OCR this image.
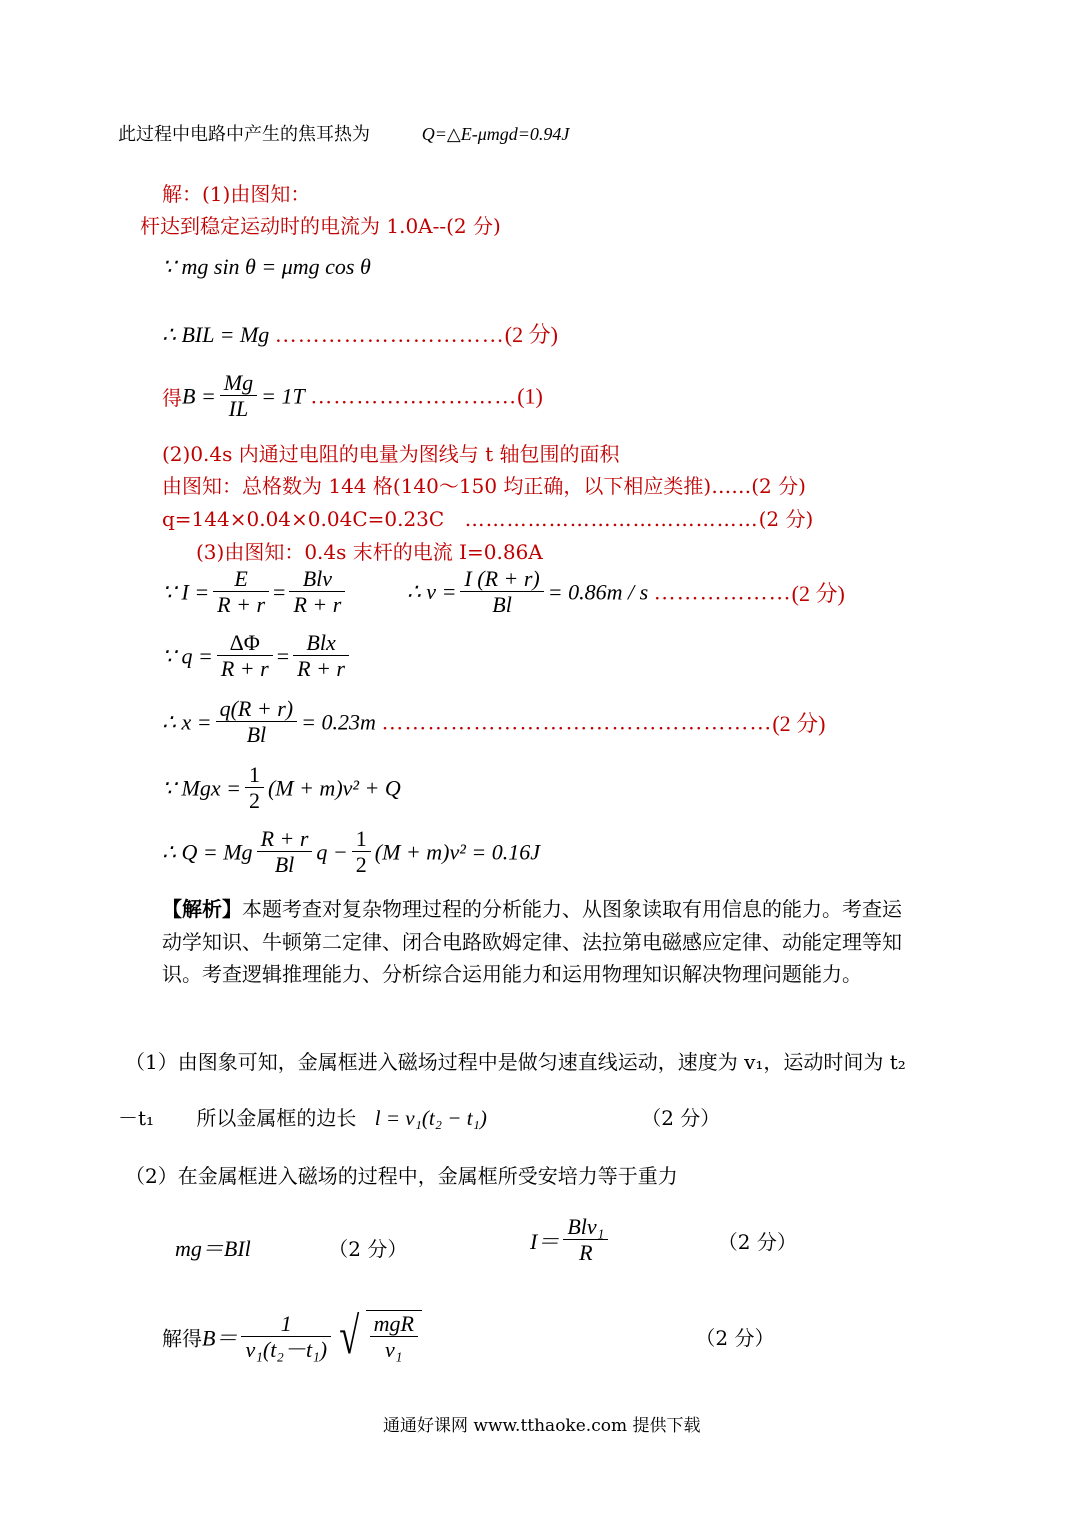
此过程中电路中产生的焦耳热为	Q=△E-μmgd=0.94J
解：(1)由图知：
杆达到稳定运动时的电流为 1.0A--(2 分)
∵ mg sin θ = μmg cos θ
∴ BIL = Mg …………………………(2 分)
得$B = \frac{Mg}{IL} = 1T$ ………………………(1)
(2)0.4s 内通过电阻的电量为图线与 t 轴包围的面积
由图知：总格数为 144 格(140～150 均正确，以下相应类推)……(2 分)
q=144×0.04×0.04C=0.23C ……………………………………(2 分)
(3)由图知：0.4s 末杆的电流 I=0.86A
∵ $I = \frac{E}{R + r} = \frac{\text{Blv}}{R + r}$	∴ $v = \frac{I (R + r)}{Bl} = 0.86m / s$ ………………(2 分)
∵ $q = \frac{\Delta\Phi}{R + r} = \frac{\text{Blx}}{R + r}$
∴ $x = \frac{q(R + r)}{Bl} = 0.23m$ ……………………………………………(2 分)
∵ Mgx = $\frac{1}{2} (M + m)v^2 + Q$
∴ Q = Mg $\frac{R + r}{Bl}$ $q - \frac{1}{2} (M + m)v^2 = 0.16J$
【解析】本题考查对复杂物理过程的分析能力、从图象读取有用信息的能力。考查运
动学知识、牛顿第二定律、闭合电路欧姆定律、法拉第电磁感应定律、动能定理等知
识。考查逻辑推理能力、分析综合运用能力和运用物理知识解决物理问题能力。
（1）由图象可知，金属框进入磁场过程中是做匀速直线运动，速度为 v₁，运动时间为 t₂
－t₁ 所以金属框的边长 l = v₁(t₂ − t₁)	（2 分）
（2）在金属框进入磁场的过程中，金属框所受安培力等于重力
mg＝BIl	（2 分）	$I= \frac{\text{Blv₁}}{R}$	（2 分）
解得$B= \frac{1}{\text{v₁(t₂－t₁)}}$ √ $\frac{\text{mgR}}{\text{v₁}}$	（2 分）
通通好课网 www.tthaoke.com 提供下载
